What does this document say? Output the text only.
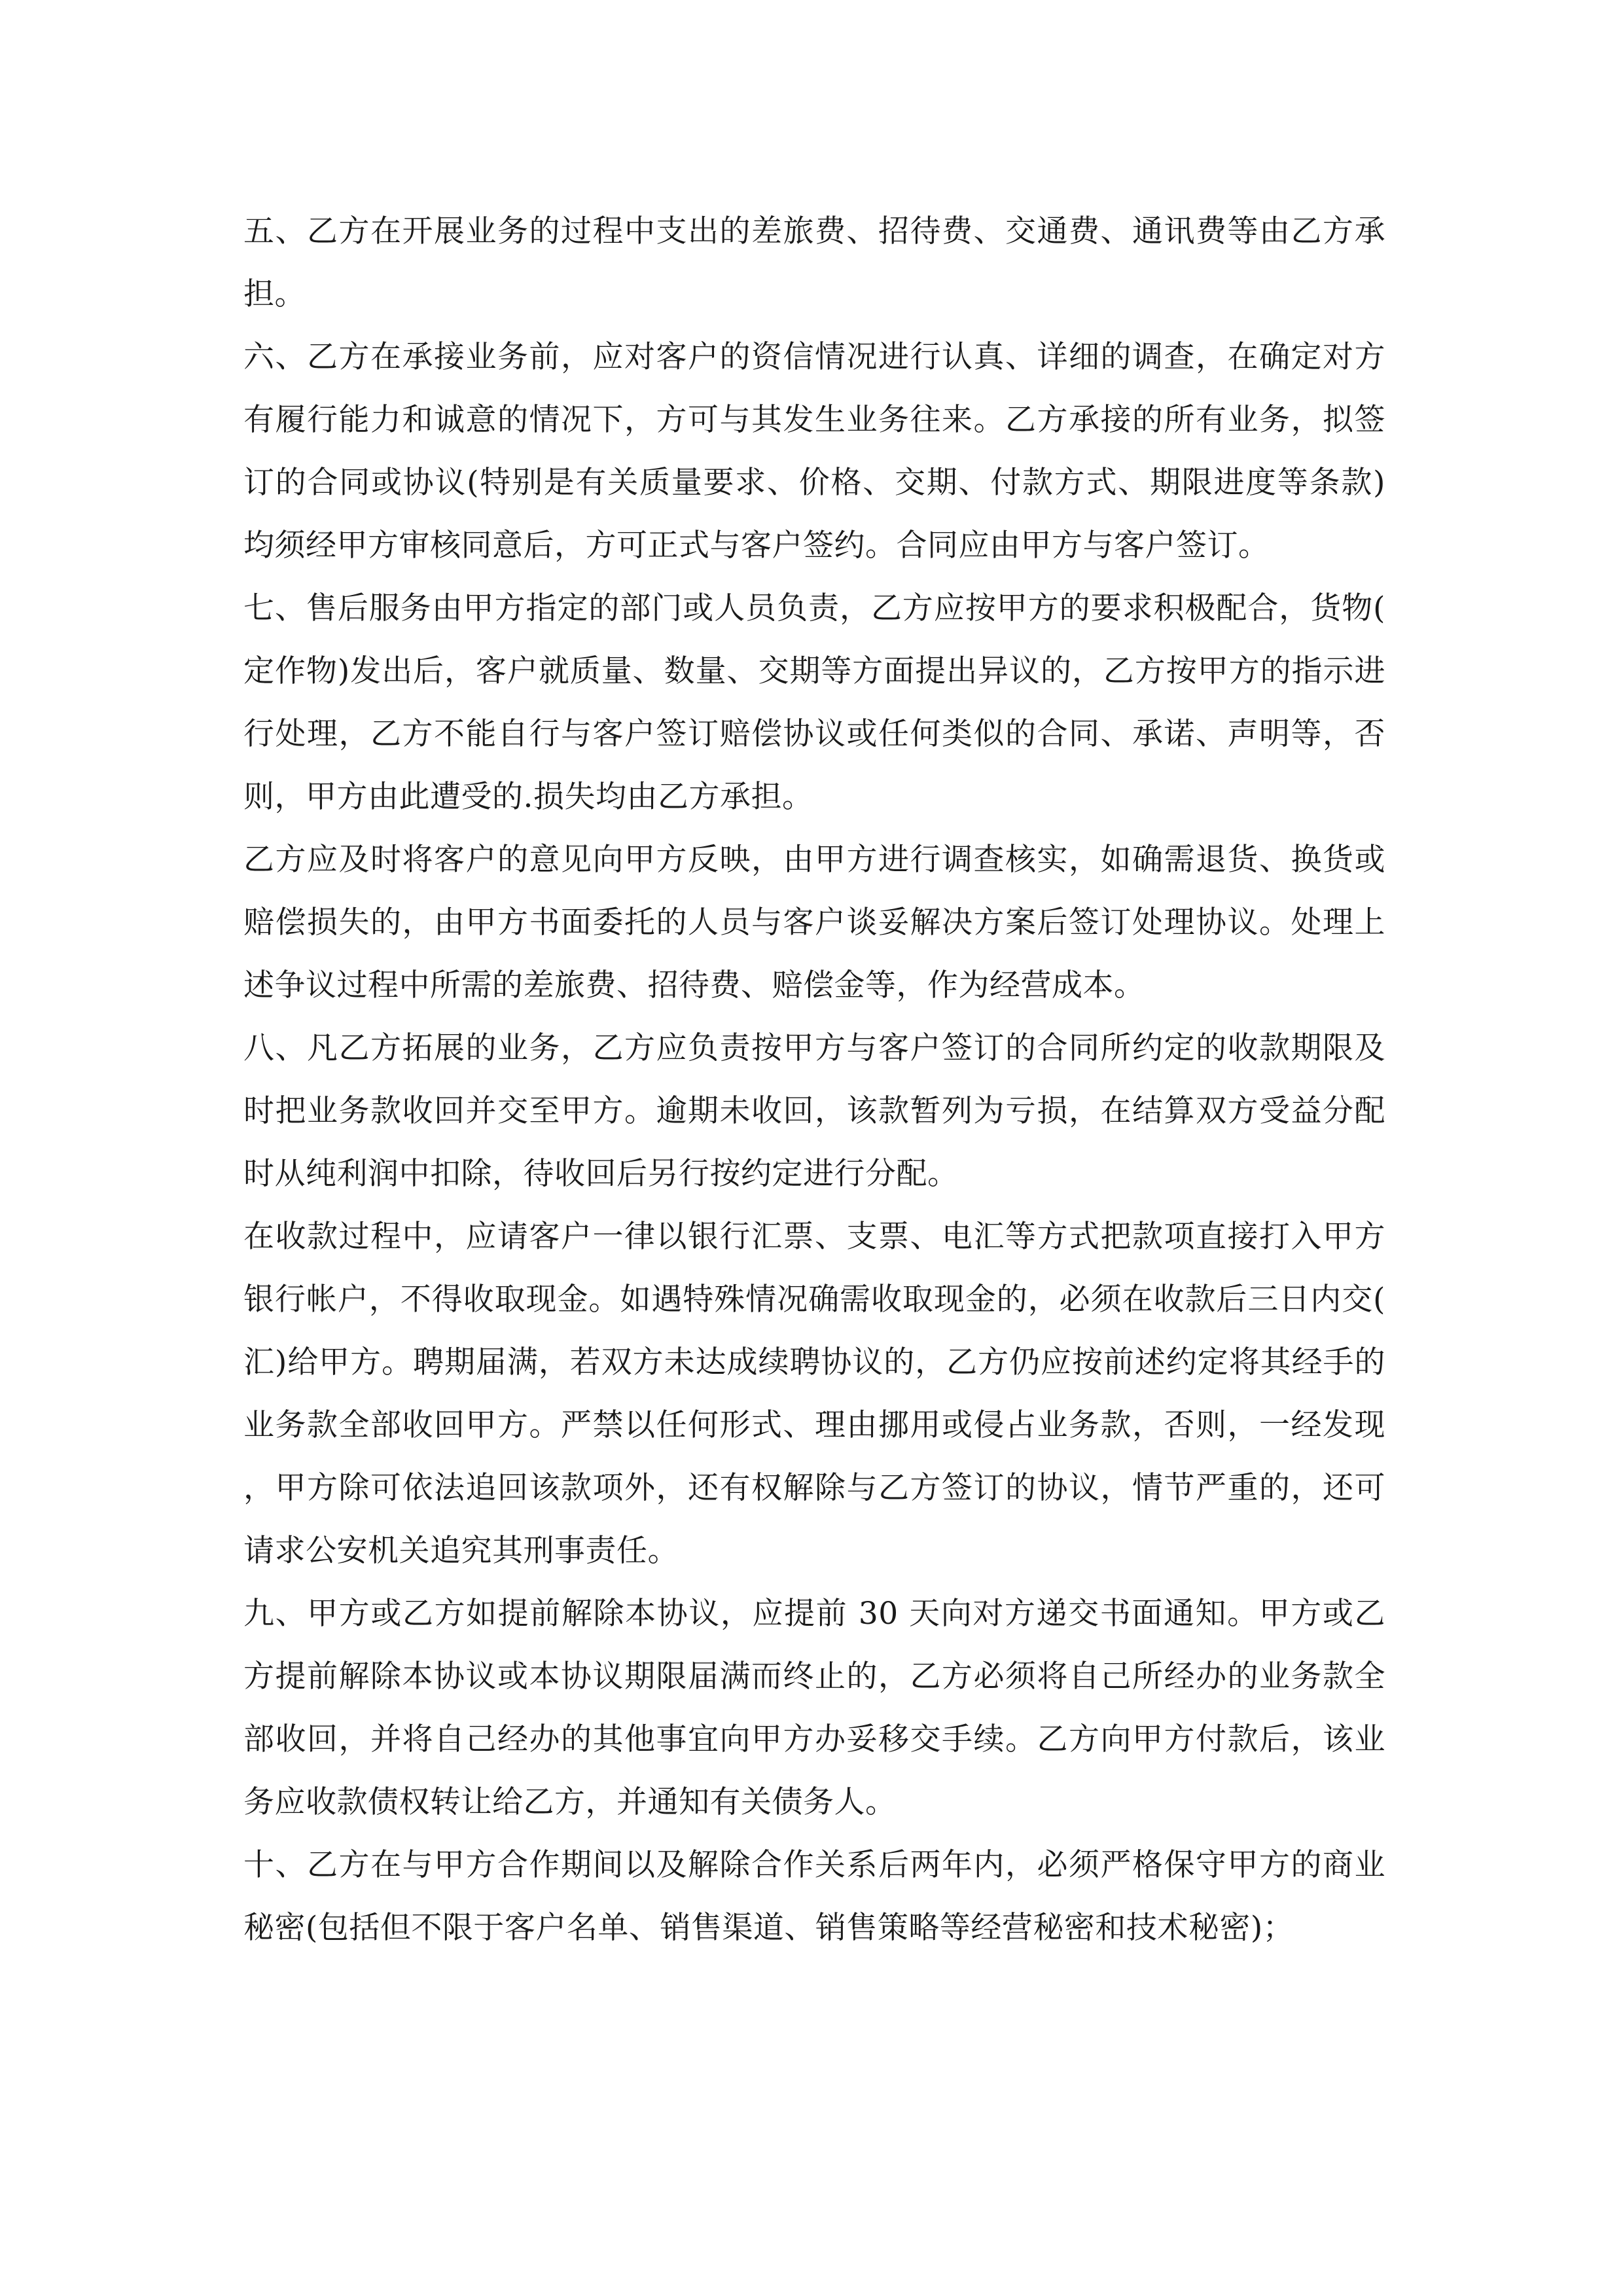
五、乙方在开展业务的过程中支出的差旅费、招待费、交通费、通讯费等由乙方承担。

六、乙方在承接业务前，应对客户的资信情况进行认真、详细的调查，在确定对方有履行能力和诚意的情况下，方可与其发生业务往来。乙方承接的所有业务，拟签订的合同或协议(特别是有关质量要求、价格、交期、付款方式、期限进度等条款)均须经甲方审核同意后，方可正式与客户签约。合同应由甲方与客户签订。

七、售后服务由甲方指定的部门或人员负责，乙方应按甲方的要求积极配合，货物(定作物)发出后，客户就质量、数量、交期等方面提出异议的，乙方按甲方的指示进行处理，乙方不能自行与客户签订赔偿协议或任何类似的合同、承诺、声明等，否则，甲方由此遭受的.损失均由乙方承担。

乙方应及时将客户的意见向甲方反映，由甲方进行调查核实，如确需退货、换货或赔偿损失的，由甲方书面委托的人员与客户谈妥解决方案后签订处理协议。处理上述争议过程中所需的差旅费、招待费、赔偿金等，作为经营成本。

八、凡乙方拓展的业务，乙方应负责按甲方与客户签订的合同所约定的收款期限及时把业务款收回并交至甲方。逾期未收回，该款暂列为亏损，在结算双方受益分配时从纯利润中扣除，待收回后另行按约定进行分配。

在收款过程中，应请客户一律以银行汇票、支票、电汇等方式把款项直接打入甲方银行帐户，不得收取现金。如遇特殊情况确需收取现金的，必须在收款后三日内交(汇)给甲方。聘期届满，若双方未达成续聘协议的，乙方仍应按前述约定将其经手的业务款全部收回甲方。严禁以任何形式、理由挪用或侵占业务款，否则，一经发现，甲方除可依法追回该款项外，还有权解除与乙方签订的协议，情节严重的，还可请求公安机关追究其刑事责任。

九、甲方或乙方如提前解除本协议，应提前 30 天向对方递交书面通知。甲方或乙方提前解除本协议或本协议期限届满而终止的，乙方必须将自己所经办的业务款全部收回，并将自己经办的其他事宜向甲方办妥移交手续。乙方向甲方付款后，该业务应收款债权转让给乙方，并通知有关债务人。

十、乙方在与甲方合作期间以及解除合作关系后两年内，必须严格保守甲方的商业秘密(包括但不限于客户名单、销售渠道、销售策略等经营秘密和技术秘密)；
